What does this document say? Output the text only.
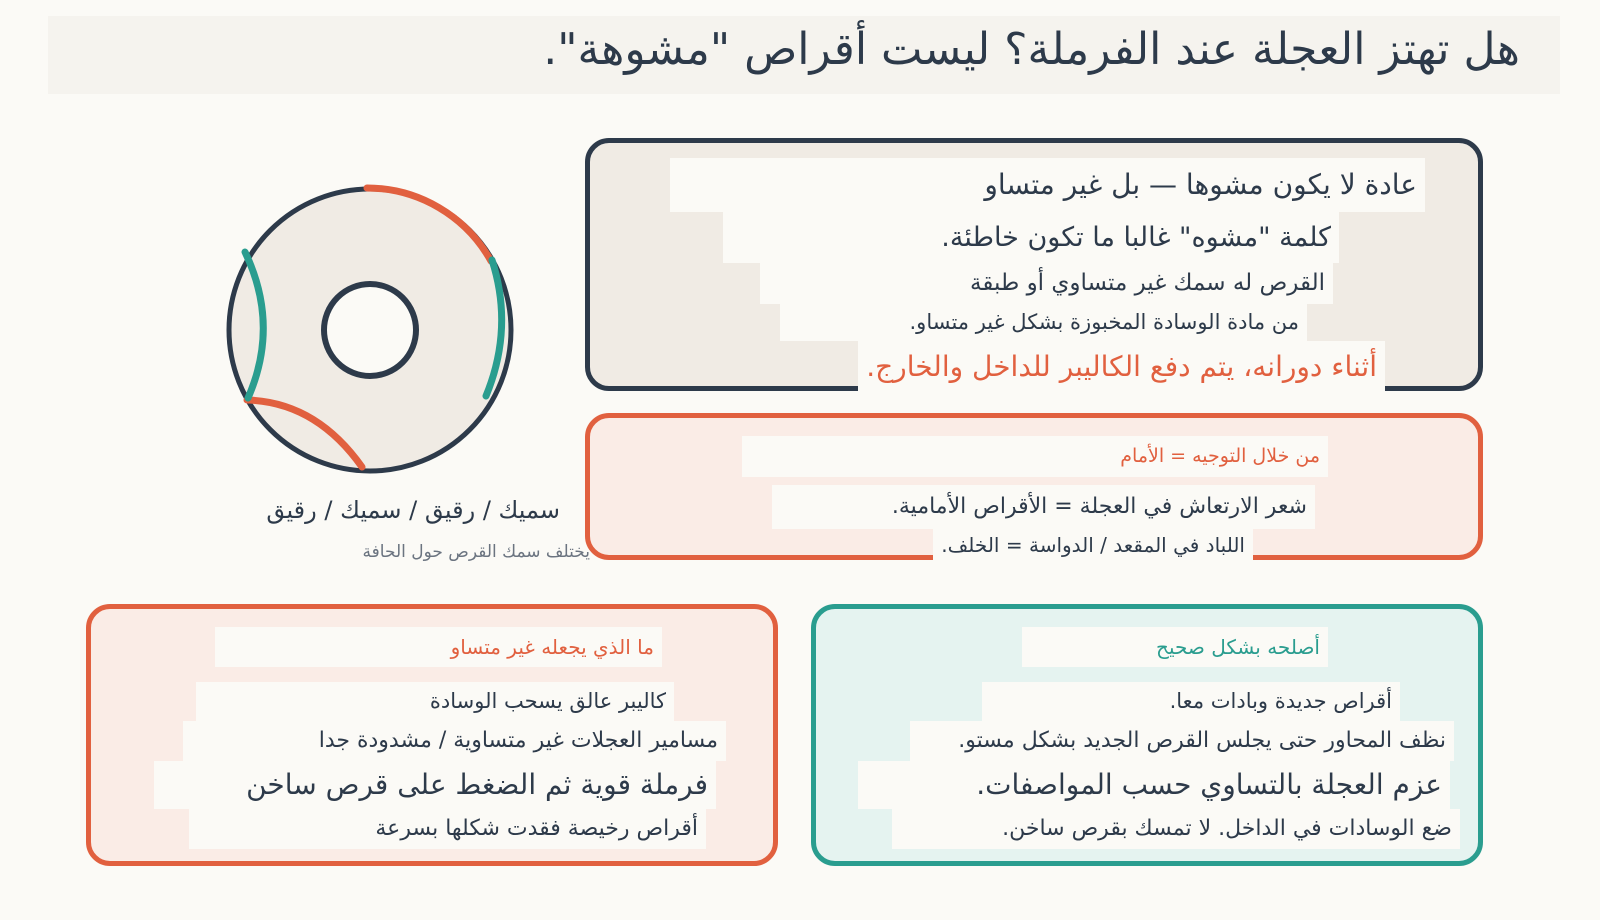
هل تهتز العجلة عند الفرملة؟ ليست أقراص "مشوهة".
سميك / رقيق / سميك / رقيق
يختلف سمك القرص حول الحافة
عادة لا يكون مشوها — بل غير متساو
كلمة "مشوه" غالبا ما تكون خاطئة.
القرص له سمك غير متساوي أو طبقة
من مادة الوسادة المخبوزة بشكل غير متساو.
أثناء دورانه، يتم دفع الكاليبر للداخل والخارج.
من خلال التوجيه = الأمام
شعر الارتعاش في العجلة = الأقراص الأمامية.
اللباد في المقعد / الدواسة = الخلف.
ما الذي يجعله غير متساو
كاليبر عالق يسحب الوسادة
مسامير العجلات غير متساوية / مشدودة جدا
فرملة قوية ثم الضغط على قرص ساخن
أقراص رخيصة فقدت شكلها بسرعة
أصلحه بشكل صحيح
أقراص جديدة وبادات معا.
نظف المحاور حتى يجلس القرص الجديد بشكل مستو.
عزم العجلة بالتساوي حسب المواصفات.
ضع الوسادات في الداخل. لا تمسك بقرص ساخن.
